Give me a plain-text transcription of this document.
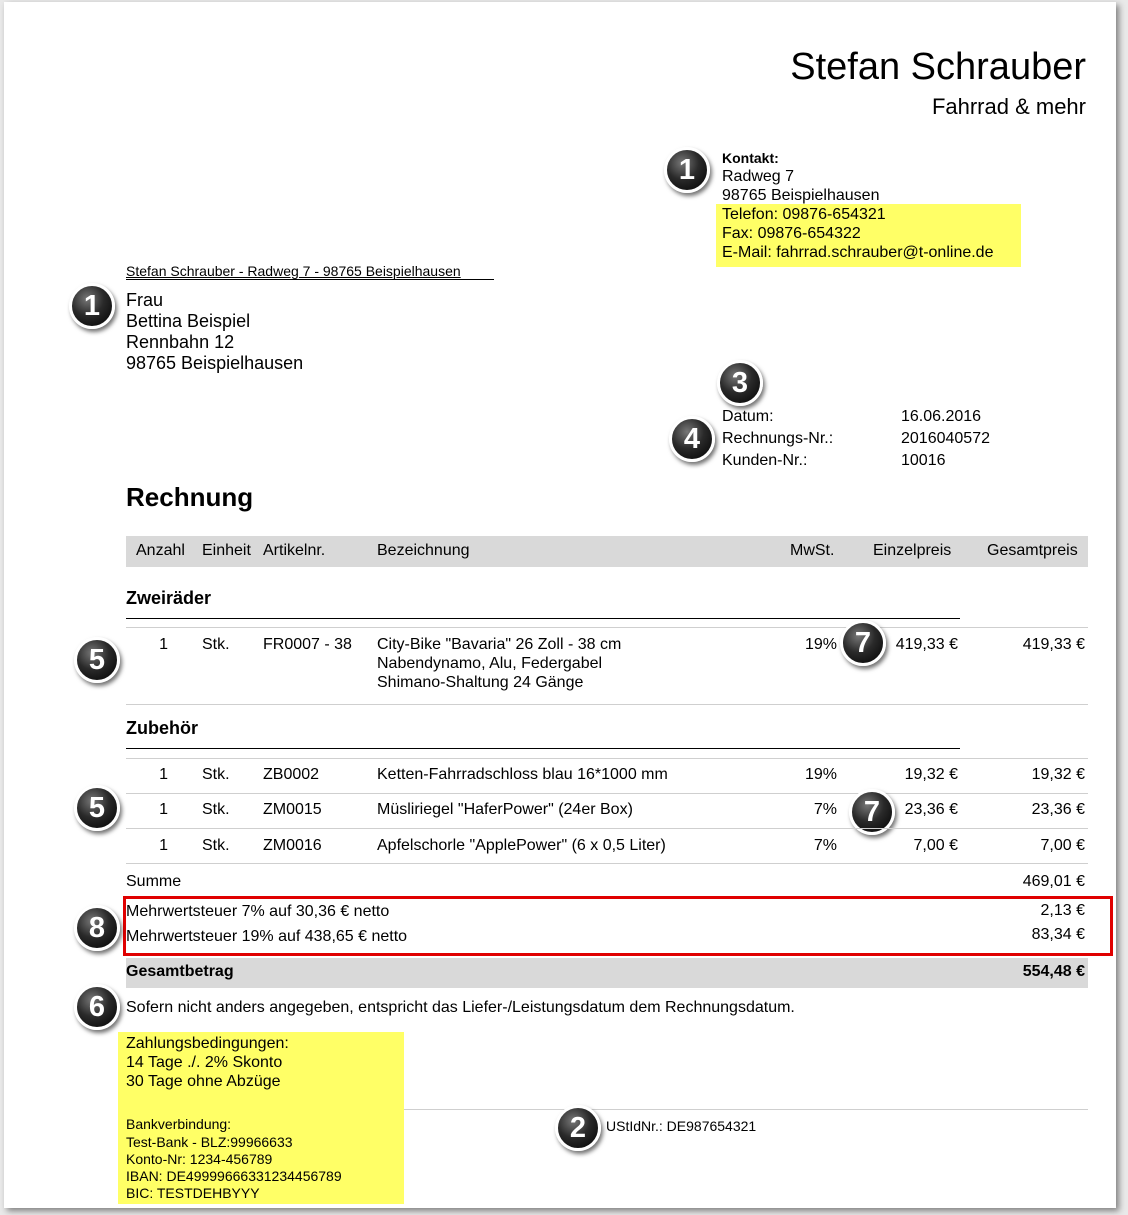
Stefan Schrauber
Fahrrad & mehr
1	Kontakt:
Radweg 7
98765 Beispielhausen
Telefon: 09876-654321
Fax: 09876-654322
E-Mail: fahrrad.schrauber@t-online.de
Stefan Schrauber - Radweg 7 - 98765 Beispielhausen
1	Frau
Bettina Beispiel
Rennbahn 12
98765 Beispielhausen
3
4
Datum:	16.06.2016
Rechnungs-Nr.:	2016040572
Kunden-Nr.:	10016
Rechnung
Anzahl Einheit Artikelnr.	Bezeichnung	MwSt. Einzelpreis Gesamtpreis
Zweiräder
5	1 Stk. FR0007 - 38 City-Bike "Bavaria" 26 Zoll - 38 cm
Nabendynamo, Alu, Federgabel
Shimano-Shaltung 24 Gänge
19% 7	419,33 €	419,33 €
Zubehör
5
1 Stk. ZB0002	Ketten-Fahrradschloss blau 16*1000 mm	19%	19,32 €	19,32 €
1 Stk. ZM0015	Müsliriegel "HaferPower" (24er Box)	7% 7	23,36 €	23,36 €
1 Stk. ZM0016	Apfelschorle "ApplePower" (6 x 0,5 Liter)	7%	7,00 €	7,00 €
Summe	469,01 €
8	Mehrwertsteuer 7% auf 30,36 € netto	2,13 €
Mehrwertsteuer 19% auf 438,65 € netto	83,34 €
Gesamtbetrag	554,48 €
6	Sofern nicht anders angegeben, entspricht das Liefer-/Leistungsdatum dem Rechnungsdatum.
Zahlungsbedingungen:
14 Tage ./. 2% Skonto
30 Tage ohne Abzüge
Bankverbindung:
Test-Bank - BLZ:99966633
Konto-Nr: 1234-456789
IBAN: DE49999666331234456789
BIC: TESTDEHBYYY
2	UStIdNr.: DE987654321
